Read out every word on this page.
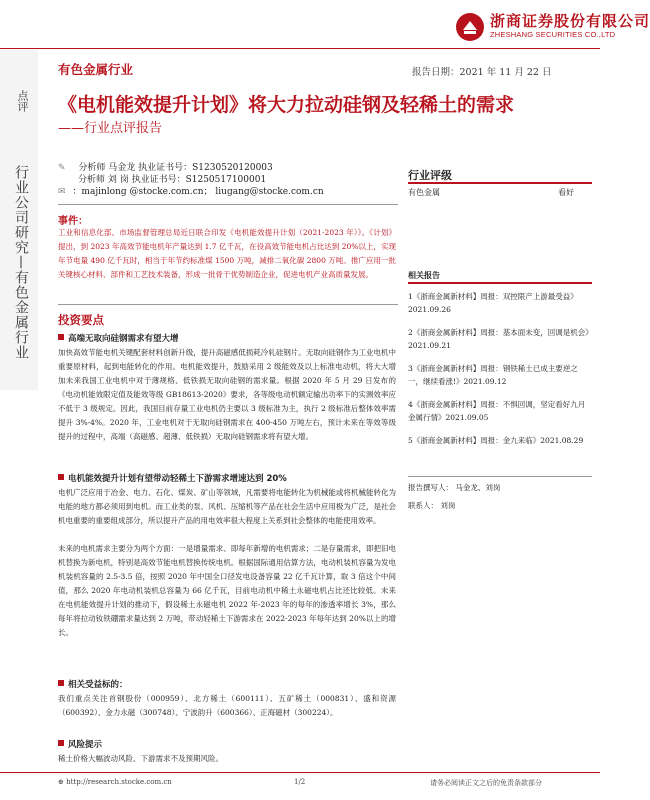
浙商证券股份有限公司
ZHESHANG SECURITIES CO.,LTD
点评
行业公司研究—有色金属行业
有色金属行业	报告日期：2021 年 11 月 22 日
《电机能效提升计划》将大力拉动硅钢及轻稀土的需求
——行业点评报告
✎ 分析师 马金龙 执业证书号：S1230520120003
分析师 刘 岗 执业证书号：S1250517100001
✉ ：majinlong @stocke.com.cn； liugang@stocke.com.cn
事件：
工业和信息化部、市场监督管理总局近日联合印发《电机能效提升计划（2021-2023 年）》。《计划》提出，到 2023 年高效节能电机年产量达到 1.7 亿千瓦，在役高效节能电机占比达到 20%以上，实现年节电量 490 亿千瓦时，相当于年节约标准煤 1500 万吨，减排二氧化碳 2800 万吨。推广应用一批关键核心材料、部件和工艺技术装备，形成一批骨干优势制造企业，促进电机产业高质量发展。
投资要点
高端无取向硅钢需求有望大增
加快高效节能电机关键配套材料创新升级，提升高磁感低损耗冷轧硅钢片。无取向硅钢作为工业电机中重要原材料，起到电能转化的作用。电机能效提升，鼓励采用 2 级能效及以上标准电动机，将大大增加未来我国工业电机中对于薄规格、低铁损无取向硅钢的需求量。根据 2020 年 5 月 29 日发布的《电动机能效限定值及能效等级 GB18613-2020》要求，各等级电动机额定输出功率下的实测效率应不低于 3 级规定。因此，我国目前存量工业电机仍主要以 3 级标准为主，执行 2 级标准后整体效率需提升 3%-4%。2020 年，工业电机对于无取向硅钢需求在 400-450 万吨左右，预计未来在等效等级提升的过程中，高端（高磁感、超薄、低铁损）无取向硅钢需求将有望大增。
电机能效提升计划有望带动轻稀土下游需求增速达到 20%
电机广泛应用于冶金、电力、石化、煤炭、矿山等领域，凡需要将电能转化为机械能或将机械能转化为电能的地方都必须用到电机。而工业类的泵、风机、压缩机等产品在社会生活中应用极为广泛，是社会机电重要的重要组成部分，所以提升产品的用电效率很大程度上关系到社会整体的电能使用效率。
未来的电机需求主要分为两个方面：一是增量需求、即每年新增的电机需求；二是存量需求，即把旧电机替换为新电机，特别是高效节能电机替换传统电机。根据国际通用估算方法，电动机装机容量为发电机装机容量的 2.5-3.5 倍，按照 2020 年中国全口径发电设备容量 22 亿千瓦计算，取 3 倍这个中间值，那么 2020 年电动机装机总容量为 66 亿千瓦，目前电动机中稀土永磁电机占比还比较低。未来在电机能效提升计划的推动下，假设稀土永磁电机 2022 年-2023 年的每年的渗透率增长 3%，那么每年将拉动钕铁硼需求量达到 2 万吨，带动轻稀土下游需求在 2022-2023 年每年达到 20%以上的增长。
相关受益标的：
我们重点关注首钢股份（000959）、北方稀土（600111）、五矿稀土（000831）、盛和资源（600392）、金力永磁（300748）、宁波韵升（600366）、正海磁材（300224）。
风险提示
稀土价格大幅波动风险、下游需求不及预期风险。
行业评级
有色金属	看好
相关报告
1《浙商金属新材料】周报：双控限产上游最受益》2021.09.26
2《浙商金属新材料】周报：基本面未变，回调是机会》2021.09.21
3《浙商金属新材料】周报：钢铁稀土已成主要逆之一，继续看涨!》2021.09.12
4《浙商金属新材料】周报：不惧回调，坚定看好九月金属行情》2021.09.05
5《浙商金属新材料】周报：金九来临》2021.08.29
报告撰写人： 马金龙、刘岗
联系人： 刘岗
⊕ http://research.stocke.com.cn	1/2	请务必阅读正文之后的免责条款部分
